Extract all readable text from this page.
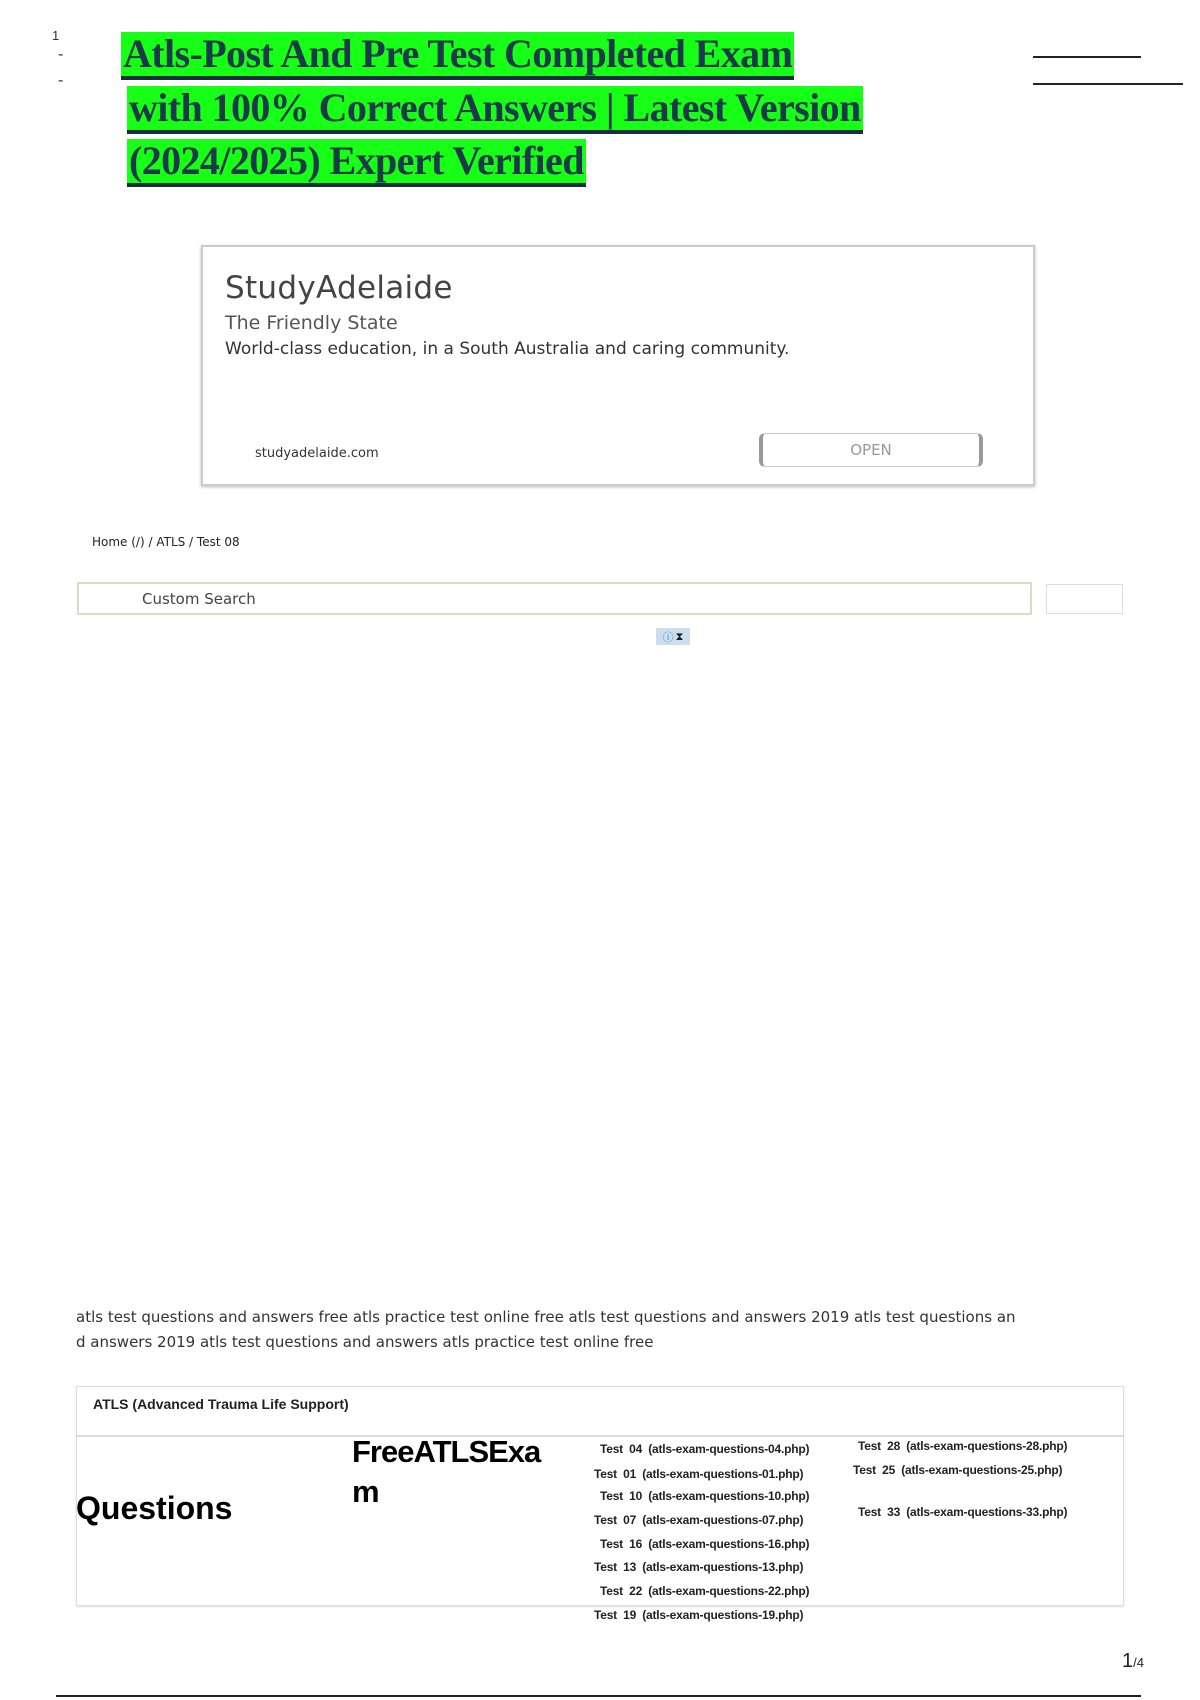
1
-
-
Atls-Post And Pre Test Completed Exam
with 100% Correct Answers | Latest Version
(2024/2025) Expert Verified
StudyAdelaide
The Friendly State
World-class education, in a South Australia and caring community.
studyadelaide.com	OPEN
Home (/) / ATLS / Test 08
Custom Search
ⓘ ⧗
atls test questions and answers free atls practice test online free atls test questions and answers 2019 atls test questions an
d answers 2019 atls test questions and answers atls practice test online free
ATLS (Advanced Trauma Life Support)
Questions
FreeATLSExa
m
Test 04 (atls-exam-questions-04.php)
Test 01 (atls-exam-questions-01.php)
Test 10 (atls-exam-questions-10.php)
Test 07 (atls-exam-questions-07.php)
Test 16 (atls-exam-questions-16.php)
Test 13 (atls-exam-questions-13.php)
Test 22 (atls-exam-questions-22.php)
Test 19 (atls-exam-questions-19.php)
Test 28 (atls-exam-questions-28.php)
Test 25 (atls-exam-questions-25.php)
Test 33 (atls-exam-questions-33.php)
1/4
